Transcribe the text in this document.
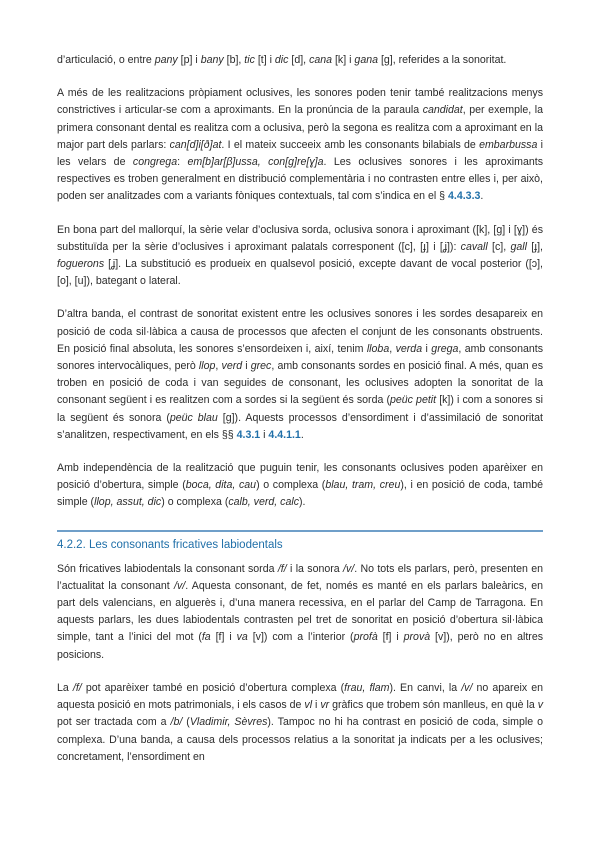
d’articulació, o entre pany [p] i bany [b], tic [t] i dic [d], cana [k] i gana [g], referides a la sonoritat.

A més de les realitzacions pròpiament oclusives, les sonores poden tenir també realitzacions menys constrictives i articular-se com a aproximants. En la pronúncia de la paraula candidat, per exemple, la primera consonant dental es realitza com a oclusiva, però la segona es realitza com a aproximant en la major part dels parlars: can[d]i[ð]at. I el mateix succeeix amb les consonants bilabials de embarbussa i les velars de congrega: em[b]ar[β]ussa, con[g]re[ɣ]a. Les oclusives sonores i les aproximants respectives es troben generalment en distribució complementària i no contrasten entre elles i, per això, poden ser analitzades com a variants fòniques contextuals, tal com s’indica en el § 4.4.3.3.

En bona part del mallorquí, la sèrie velar d’oclusiva sorda, oclusiva sonora i aproximant ([k], [g] i [ɣ]) és substituïda per la sèrie d’oclusives i aproximant palatals corresponent ([c], [ɟ] i [ʝ]): cavall [c], gall [ɟ], foguerons [ʝ]. La substitució es produeix en qualsevol posició, excepte davant de vocal posterior ([ɔ], [o], [u]), bategant o lateral.

D’altra banda, el contrast de sonoritat existent entre les oclusives sonores i les sordes desapareix en posició de coda sil·làbica a causa de processos que afecten el conjunt de les consonants obstruents. En posició final absoluta, les sonores s’ensordeixen i, així, tenim lloba, verda i grega, amb consonants sonores intervocàliques, però llop, verd i grec, amb consonants sordes en posició final. A més, quan es troben en posició de coda i van seguides de consonant, les oclusives adopten la sonoritat de la consonant següent i es realitzen com a sordes si la següent és sorda (peüc petit [k]) i com a sonores si la següent és sonora (peüc blau [g]). Aquests processos d’ensordiment i d’assimilació de sonoritat s’analitzen, respectivament, en els §§ 4.3.1 i 4.4.1.1.

Amb independència de la realització que puguin tenir, les consonants oclusives poden aparèixer en posició d’obertura, simple (boca, dita, cau) o complexa (blau, tram, creu), i en posició de coda, també simple (llop, assut, dic) o complexa (calb, verd, calc).

4.2.2. Les consonants fricatives labiodentals

Són fricatives labiodentals la consonant sorda /f/ i la sonora /v/. No tots els parlars, però, presenten en l’actualitat la consonant /v/. Aquesta consonant, de fet, només es manté en els parlars baleàrics, en part dels valencians, en alguerès i, d’una manera recessiva, en el parlar del Camp de Tarragona. En aquests parlars, les dues labiodentals contrasten pel tret de sonoritat en posició d’obertura sil·làbica simple, tant a l’inici del mot (fa [f] i va [v]) com a l’interior (profà [f] i provà [v]), però no en altres posicions.

La /f/ pot aparèixer també en posició d’obertura complexa (frau, flam). En canvi, la /v/ no apareix en aquesta posició en mots patrimonials, i els casos de vl i vr gràfics que trobem són manlleus, en què la v pot ser tractada com a /b/ (Vladimir, Sèvres). Tampoc no hi ha contrast en posició de coda, simple o complexa. D’una banda, a causa dels processos relatius a la sonoritat ja indicats per a les oclusives; concretament, l’ensordiment en
